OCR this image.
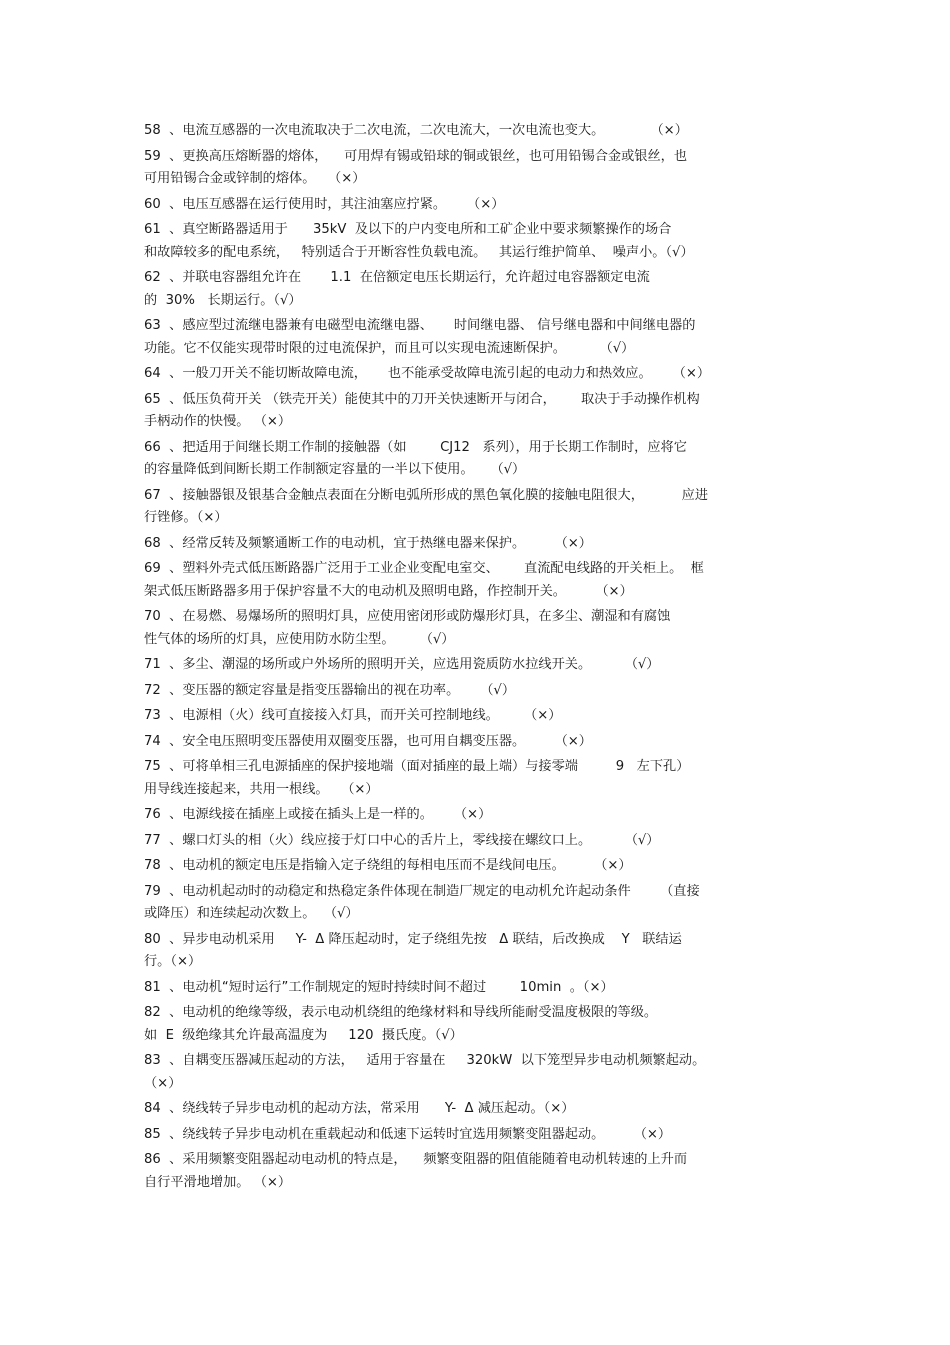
58  、电流互感器的一次电流取决于二次电流，二次电流大，一次电流也变大。           （×）
59  、更换高压熔断器的熔体，    可用焊有锡或铅球的铜或银丝，也可用铅锡合金或银丝，也
可用铅锡合金或锌制的熔体。   （×）
60  、电压互感器在运行使用时，其注油塞应拧紧。     （×）
61  、真空断路器适用于      35kV  及以下的户内变电所和工矿企业中要求频繁操作的场合
和故障较多的配电系统，   特别适合于开断容性负载电流。   其运行维护简单、  噪声小。（√）
62  、并联电容器组允许在       1.1  在倍额定电压长期运行，允许超过电容器额定电流
的  30%   长期运行。（√）
63  、感应型过流继电器兼有电磁型电流继电器、     时间继电器、 信号继电器和中间继电器的
功能。它不仅能实现带时限的过电流保护，而且可以实现电流速断保护。        （√）
64  、一般刀开关不能切断故障电流，     也不能承受故障电流引起的电动力和热效应。     （×）
65  、低压负荷开关 （铁壳开关）能使其中的刀开关快速断开与闭合，      取决于手动操作机构
手柄动作的快慢。 （×）
66  、把适用于间继长期工作制的接触器（如        CJ12   系列），用于长期工作制时，应将它
的容量降低到间断长期工作制额定容量的一半以下使用。    （√）
67  、接触器银及银基合金触点表面在分断电弧所形成的黑色氧化膜的接触电阻很大，         应进
行锉修。（×）
68  、经常反转及频繁通断工作的电动机，宜于热继电器来保护。       （×）
69  、塑料外壳式低压断路器广泛用于工业企业变配电室交、      直流配电线路的开关柜上。  框
架式低压断路器多用于保护容量不大的电动机及照明电路，作控制开关。       （×）
70  、在易燃、易爆场所的照明灯具，应使用密闭形或防爆形灯具，在多尘、潮湿和有腐蚀
性气体的场所的灯具，应使用防水防尘型。      （√）
71  、多尘、潮湿的场所或户外场所的照明开关，应选用瓷质防水拉线开关。        （√）
72  、变压器的额定容量是指变压器输出的视在功率。     （√）
73  、电源相（火）线可直接接入灯具，而开关可控制地线。      （×）
74  、安全电压照明变压器使用双圈变压器，也可用自耦变压器。       （×）
75  、可将单相三孔电源插座的保护接地端（面对插座的最上端）与接零端         9   左下孔）
用导线连接起来，共用一根线。   （×）
76  、电源线接在插座上或接在插头上是一样的。     （×）
77  、螺口灯头的相（火）线应接于灯口中心的舌片上，零线接在螺纹口上。        （√）
78  、电动机的额定电压是指输入定子绕组的每相电压而不是线间电压。       （×）
79  、电动机起动时的动稳定和热稳定条件体现在制造厂规定的电动机允许起动条件       （直接
或降压）和连续起动次数上。  （√）
80  、异步电动机采用     Y-  Δ 降压起动时，定子绕组先按   Δ 联结，后改换成    Y   联结运
行。（×）
81  、电动机“短时运行”工作制规定的短时持续时间不超过        10min  。（×）
82  、电动机的绝缘等级，表示电动机绕组的绝缘材料和导线所能耐受温度极限的等级。
如  E  级绝缘其允许最高温度为     120  摄氏度。（√）
83  、自耦变压器减压起动的方法，   适用于容量在     320kW  以下笼型异步电动机频繁起动。
（×）
84  、绕线转子异步电动机的起动方法，常采用      Y-  Δ 减压起动。（×）
85  、绕线转子异步电动机在重载起动和低速下运转时宜选用频繁变阻器起动。       （×）
86  、采用频繁变阻器起动电动机的特点是，    频繁变阻器的阻值能随着电动机转速的上升而
自行平滑地增加。 （×）
